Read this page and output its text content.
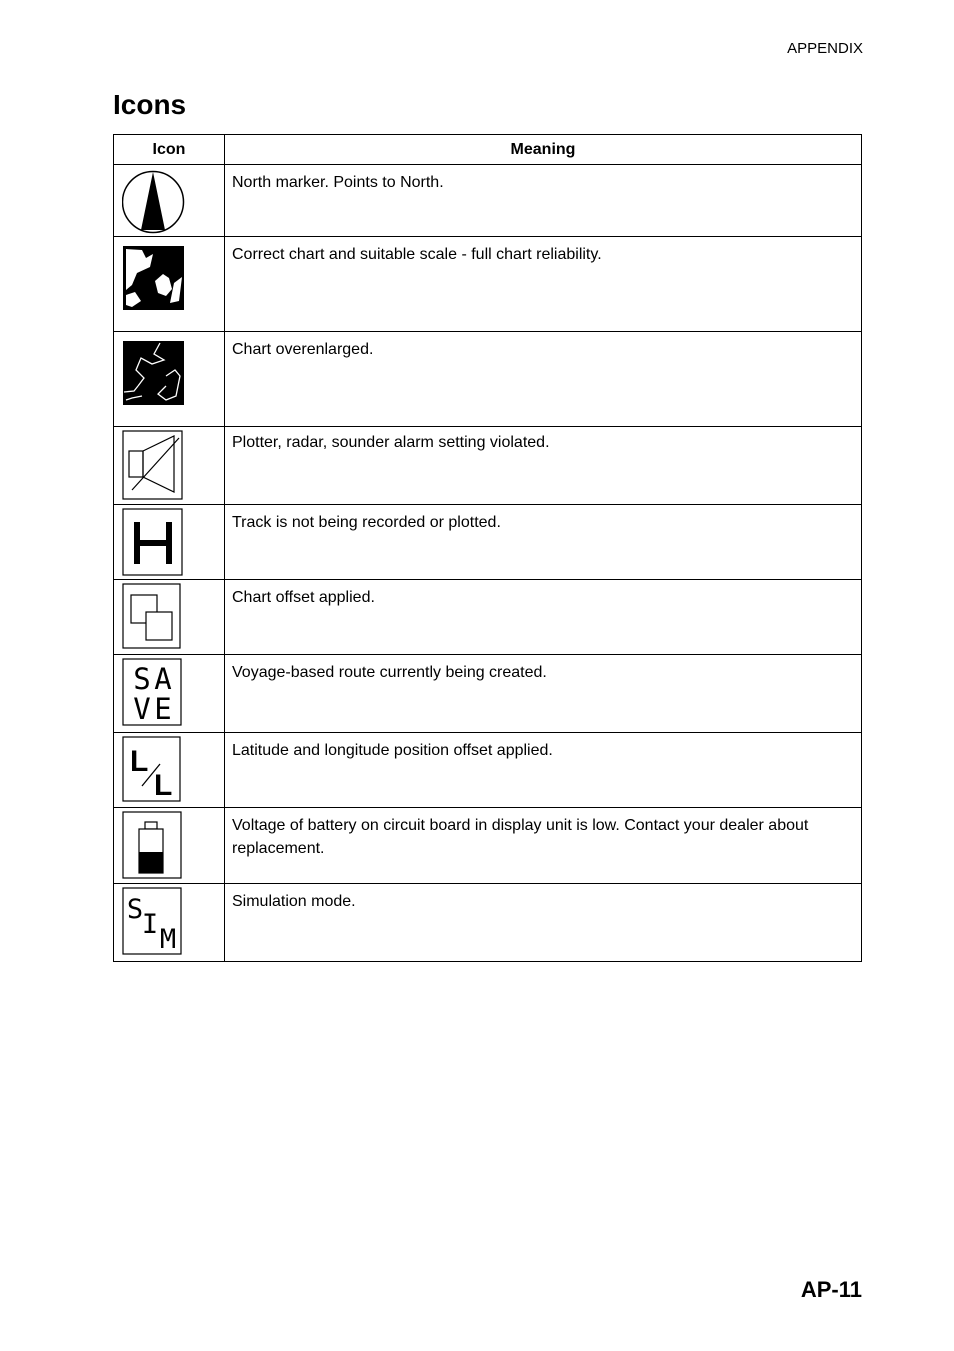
APPENDIX
Icons
Icon	Meaning

	North marker. Points to North.

	Correct chart and suitable scale - full chart reliability.

	Chart overenlarged.

	Plotter, radar, sounder alarm setting violated.

	Track is not being recorded or plotted.

	Chart offset applied.

S A
V E	Voyage-based route currently being created.

L
L	Latitude and longitude position offset applied.

	Voltage of battery on circuit board in display unit is low. Contact your dealer about replacement.

S
I M	Simulation mode.
AP-11
